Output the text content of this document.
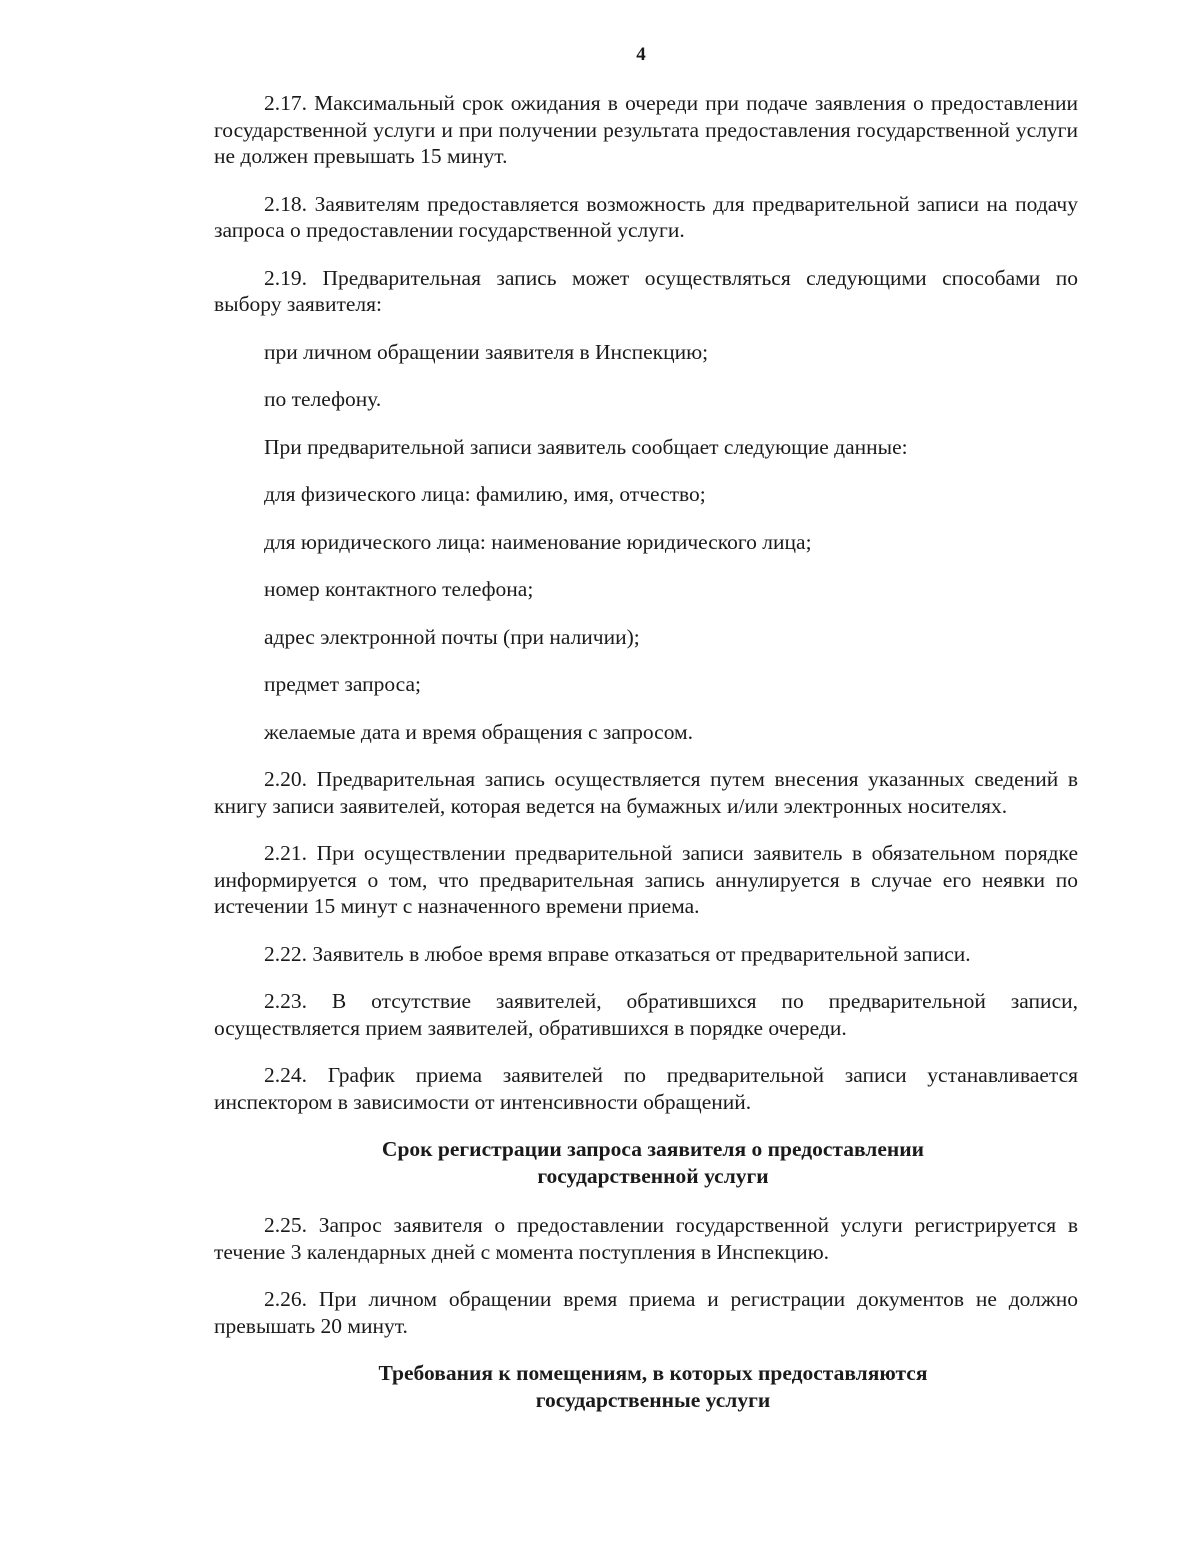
4

2.17. Максимальный срок ожидания в очереди при подаче заявления о предоставлении государственной услуги и при получении результата предоставления государственной услуги не должен превышать 15 минут.

2.18. Заявителям предоставляется возможность для предварительной записи на подачу запроса о предоставлении государственной услуги.

2.19. Предварительная запись может осуществляться следующими способами по выбору заявителя:

при личном обращении заявителя в Инспекцию;

по телефону.

При предварительной записи заявитель сообщает следующие данные:

для физического лица: фамилию, имя, отчество;

для юридического лица: наименование юридического лица;

номер контактного телефона;

адрес электронной почты (при наличии);

предмет запроса;

желаемые дата и время обращения с запросом.

2.20. Предварительная запись осуществляется путем внесения указанных сведений в книгу записи заявителей, которая ведется на бумажных и/или электронных носителях.

2.21. При осуществлении предварительной записи заявитель в обязательном порядке информируется о том, что предварительная запись аннулируется в случае его неявки по истечении 15 минут с назначенного времени приема.

2.22. Заявитель в любое время вправе отказаться от предварительной записи.

2.23. В отсутствие заявителей, обратившихся по предварительной записи, осуществляется прием заявителей, обратившихся в порядке очереди.

2.24. График приема заявителей по предварительной записи устанавливается инспектором в зависимости от интенсивности обращений.

Срок регистрации запроса заявителя о предоставлении
государственной услуги

2.25. Запрос заявителя о предоставлении государственной услуги регистрируется в течение 3 календарных дней с момента поступления в Инспекцию.

2.26. При личном обращении время приема и регистрации документов не должно превышать 20 минут.

Требования к помещениям, в которых предоставляются
государственные услуги
